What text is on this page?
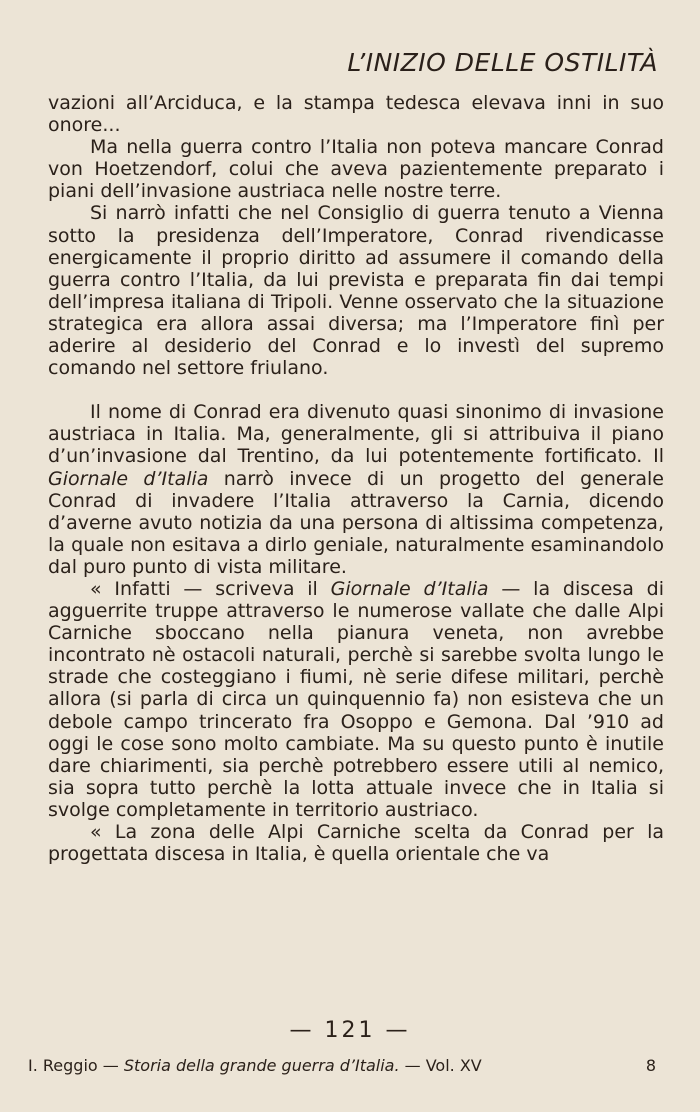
L’INIZIO DELLE OSTILITÀ

vazioni all’Arciduca, e la stampa tedesca elevava inni in suo onore...

Ma nella guerra contro l’Italia non poteva mancare Conrad von Hoetzendorf, colui che aveva pazientemente preparato i piani dell’invasione austriaca nelle nostre terre.

Si narrò infatti che nel Consiglio di guerra tenuto a Vienna sotto la presidenza dell’Imperatore, Conrad rivendicasse energicamente il proprio diritto ad assumere il comando della guerra contro l’Italia, da lui prevista e preparata fin dai tempi dell’impresa italiana di Tripoli. Venne osservato che la situazione strategica era allora assai diversa; ma l’Imperatore finì per aderire al desiderio del Conrad e lo investì del supremo comando nel settore friulano.

Il nome di Conrad era divenuto quasi sinonimo di invasione austriaca in Italia. Ma, generalmente, gli si attribuiva il piano d’un’invasione dal Trentino, da lui potentemente fortificato. Il Giornale d’Italia narrò invece di un progetto del generale Conrad di invadere l’Italia attraverso la Carnia, dicendo d’averne avuto notizia da una persona di altissima competenza, la quale non esitava a dirlo geniale, naturalmente esaminandolo dal puro punto di vista militare.

« Infatti — scriveva il Giornale d’Italia — la discesa di agguerrite truppe attraverso le numerose vallate che dalle Alpi Carniche sboccano nella pianura veneta, non avrebbe incontrato nè ostacoli naturali, perchè si sarebbe svolta lungo le strade che costeggiano i fiumi, nè serie difese militari, perchè allora (si parla di circa un quinquennio fa) non esisteva che un debole campo trincerato fra Osoppo e Gemona. Dal ’910 ad oggi le cose sono molto cambiate. Ma su questo punto è inutile dare chiarimenti, sia perchè potrebbero essere utili al nemico, sia sopra tutto perchè la lotta attuale invece che in Italia si svolge completamente in territorio austriaco.

« La zona delle Alpi Carniche scelta da Conrad per la progettata discesa in Italia, è quella orientale che va

— 121 —
I. Reggio — Storia della grande guerra d’Italia. — Vol. XV	8
